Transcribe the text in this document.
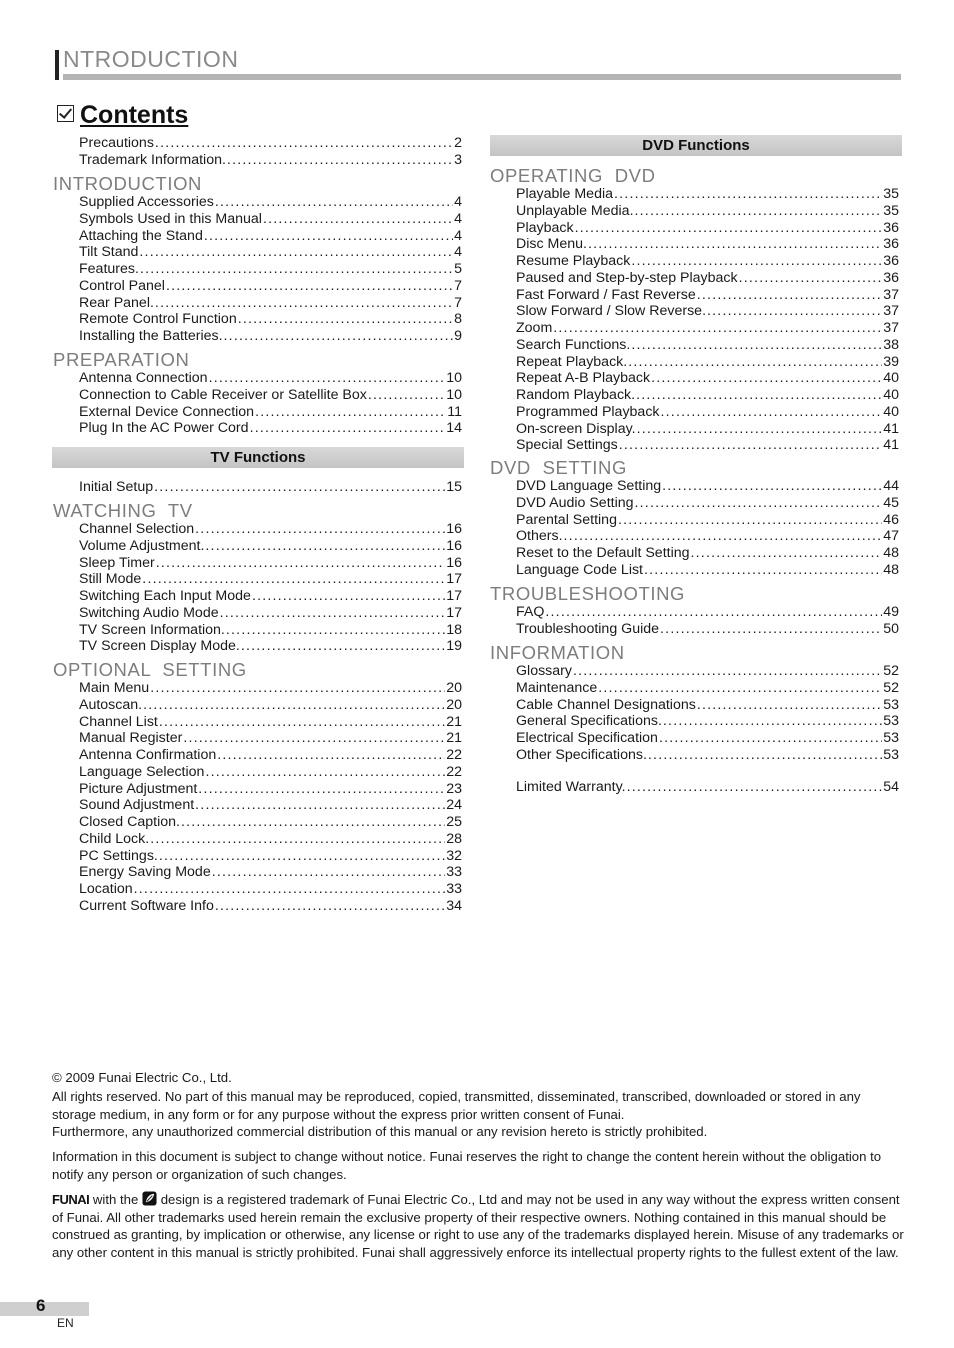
NTRODUCTION
Contents
Precautions .....	2
Trademark Information. .....	3
INTRODUCTION
Supplied Accessories .....	4
Symbols Used in this Manual .....	4
Attaching the Stand .....	4
Tilt Stand .....	4
Features. .....	5
Control Panel .....	7
Rear Panel. .....	7
Remote Control Function .....	8
Installing the Batteries. .....	9
PREPARATION
Antenna Connection .....	10
Connection to Cable Receiver or Satellite Box .....	10
External Device Connection .....	11
Plug In the AC Power Cord .....	14
TV Functions
Initial Setup .....	15
WATCHING TV
Channel Selection .....	16
Volume Adjustment. .....	16
Sleep Timer .....	16
Still Mode .....	17
Switching Each Input Mode .....	17
Switching Audio Mode .....	17
TV Screen Information. .....	18
TV Screen Display Mode. .....	19
OPTIONAL SETTING
Main Menu .....	20
Autoscan. .....	20
Channel List .....	21
Manual Register .....	21
Antenna Confirmation .....	22
Language Selection .....	22
Picture Adjustment .....	23
Sound Adjustment .....	24
Closed Caption. .....	25
Child Lock. .....	28
PC Settings. .....	32
Energy Saving Mode .....	33
Location .....	33
Current Software Info .....	34
DVD Functions
OPERATING DVD
Playable Media .....	35
Unplayable Media. .....	35
Playback .....	36
Disc Menu. .....	36
Resume Playback .....	36
Paused and Step-by-step Playback .....	36
Fast Forward / Fast Reverse .....	37
Slow Forward / Slow Reverse. .....	37
Zoom .....	37
Search Functions. .....	38
Repeat Playback. .....	39
Repeat A-B Playback .....	40
Random Playback. .....	40
Programmed Playback .....	40
On-screen Display. .....	41
Special Settings .....	41
DVD SETTING
DVD Language Setting .....	44
DVD Audio Setting .....	45
Parental Setting .....	46
Others. .....	47
Reset to the Default Setting .....	48
Language Code List .....	48
TROUBLESHOOTING
FAQ .....	49
Troubleshooting Guide .....	50
INFORMATION
Glossary .....	52
Maintenance .....	52
Cable Channel Designations .....	53
General Specifications. .....	53
Electrical Specification .....	53
Other Specifications. .....	53
Limited Warranty. .....	54
© 2009 Funai Electric Co., Ltd.
All rights reserved. No part of this manual may be reproduced, copied, transmitted, disseminated, transcribed, downloaded or stored in any storage medium, in any form or for any purpose without the express prior written consent of Funai.
Furthermore, any unauthorized commercial distribution of this manual or any revision hereto is strictly prohibited.
Information in this document is subject to change without notice. Funai reserves the right to change the content herein without the obligation to notify any person or organization of such changes.
FUNAI with the design is a registered trademark of Funai Electric Co., Ltd and may not be used in any way without the express written consent of Funai. All other trademarks used herein remain the exclusive property of their respective owners. Nothing contained in this manual should be construed as granting, by implication or otherwise, any license or right to use any of the trademarks displayed herein. Misuse of any trademarks or any other content in this manual is strictly prohibited. Funai shall aggressively enforce its intellectual property rights to the fullest extent of the law.
6
EN
